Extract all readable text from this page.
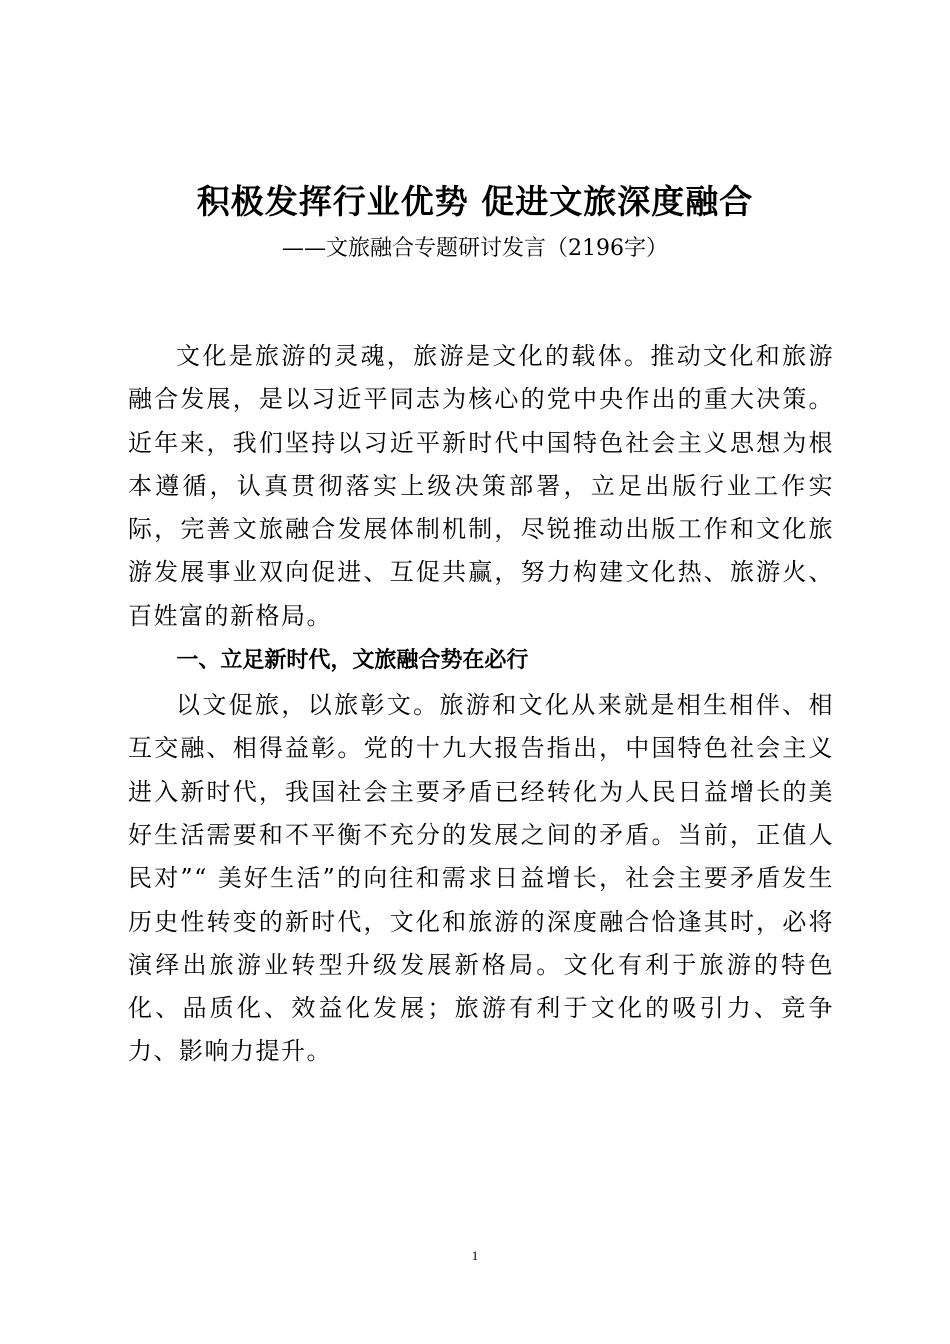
积极发挥行业优势 促进文旅深度融合

——文旅融合专题研讨发言（2196字）

文化是旅游的灵魂，旅游是文化的载体。推动文化和旅游融合发展，是以习近平同志为核心的党中央作出的重大决策。近年来，我们坚持以习近平新时代中国特色社会主义思想为根本遵循，认真贯彻落实上级决策部署，立足出版行业工作实际，完善文旅融合发展体制机制，尽锐推动出版工作和文化旅游发展事业双向促进、互促共赢，努力构建文化热、旅游火、百姓富的新格局。

一、立足新时代，文旅融合势在必行

以文促旅，以旅彰文。旅游和文化从来就是相生相伴、相互交融、相得益彰。党的十九大报告指出，中国特色社会主义进入新时代，我国社会主要矛盾已经转化为人民日益增长的美好生活需要和不平衡不充分的发展之间的矛盾。当前，正值人民对”“ 美好生活”的向往和需求日益增长，社会主要矛盾发生历史性转变的新时代，文化和旅游的深度融合恰逢其时，必将演绎出旅游业转型升级发展新格局。文化有利于旅游的特色化、品质化、效益化发展；旅游有利于文化的吸引力、竞争力、影响力提升。

1
